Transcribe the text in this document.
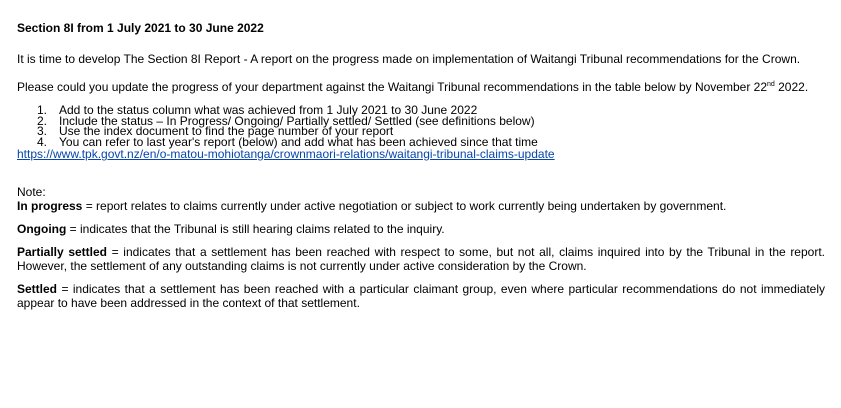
Section 8I from 1 July 2021 to 30 June 2022

It is time to develop The Section 8I Report - A report on the progress made on implementation of Waitangi Tribunal recommendations for the Crown.

Please could you update the progress of your department against the Waitangi Tribunal recommendations in the table below by November 22nd 2022.

1. Add to the status column what was achieved from 1 July 2021 to 30 June 2022
2. Include the status – In Progress/ Ongoing/ Partially settled/ Settled (see definitions below)
3. Use the index document to find the page number of your report
4. You can refer to last year's report (below) and add what has been achieved since that time
https://www.tpk.govt.nz/en/o-matou-mohiotanga/crownmaori-relations/waitangi-tribunal-claims-update

Note:

In progress = report relates to claims currently under active negotiation or subject to work currently being undertaken by government.

Ongoing = indicates that the Tribunal is still hearing claims related to the inquiry.

Partially settled = indicates that a settlement has been reached with respect to some, but not all, claims inquired into by the Tribunal in the report. However, the settlement of any outstanding claims is not currently under active consideration by the Crown.

Settled = indicates that a settlement has been reached with a particular claimant group, even where particular recommendations do not immediately appear to have been addressed in the context of that settlement.
